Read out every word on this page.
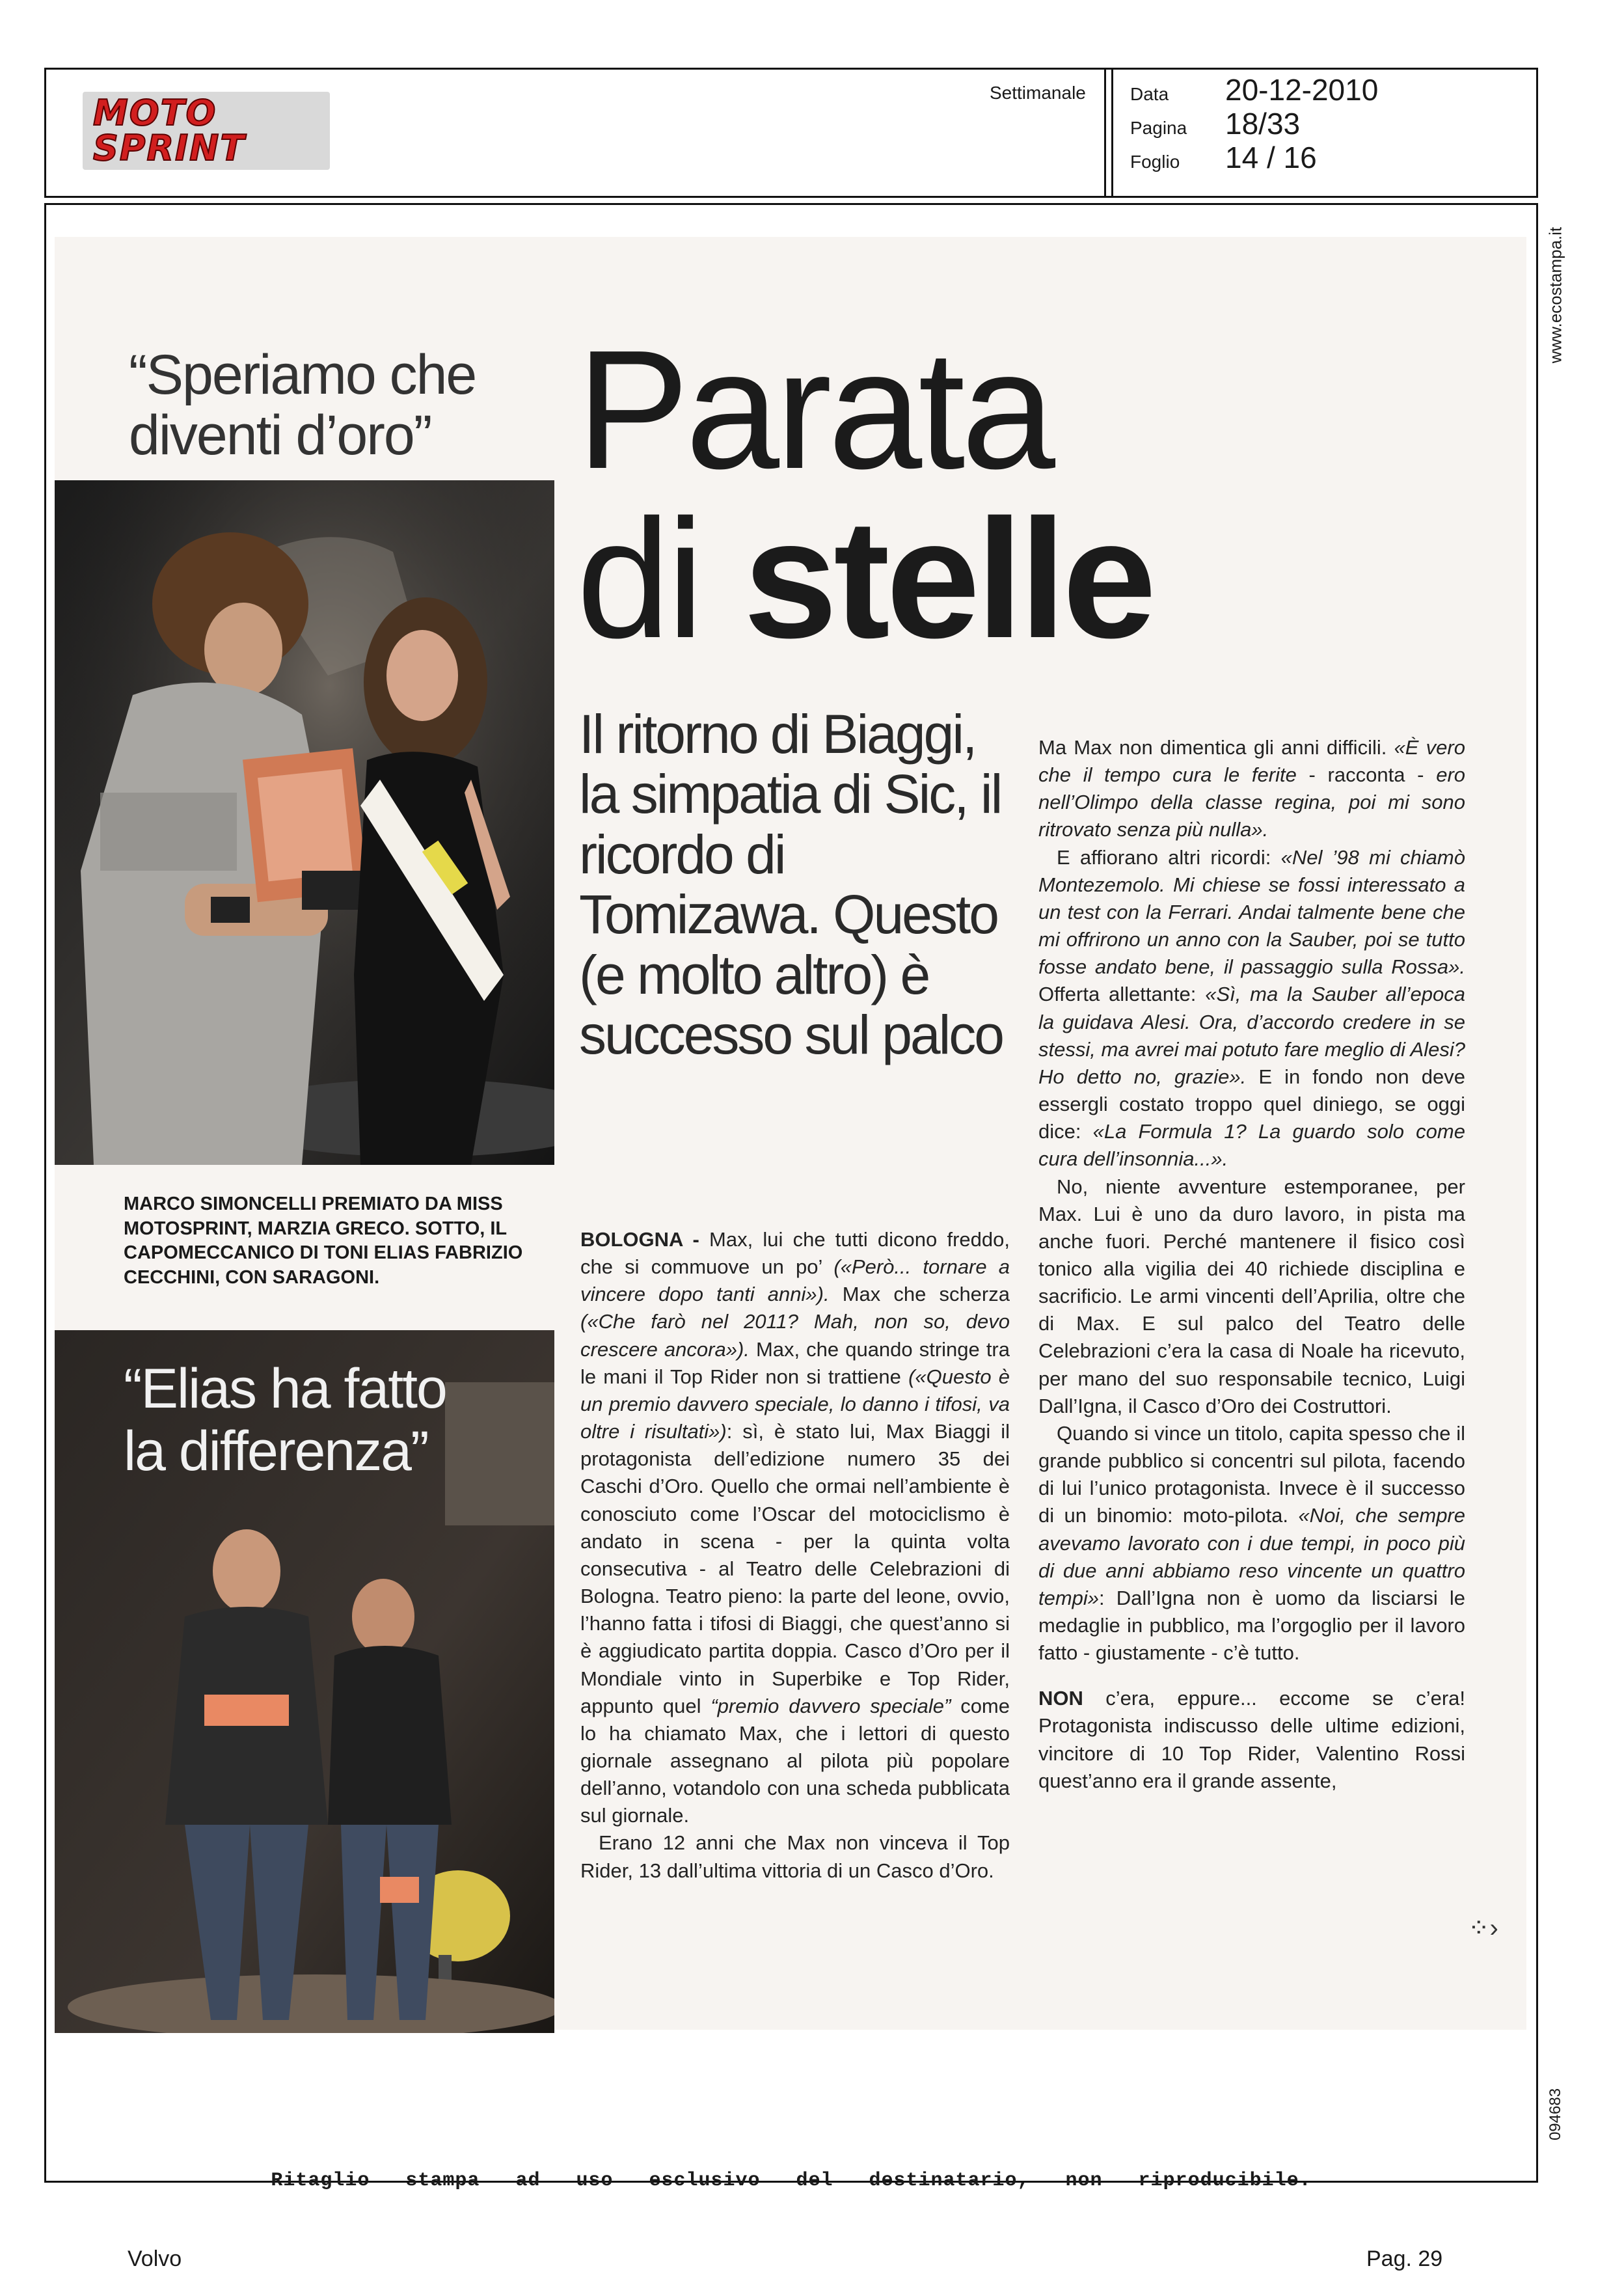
MOTO
SPRINT
Settimanale Data 20-12-2010
Pagina 18/33
Foglio 14 / 16
www.ecostampa.it
094683
“Speriamo che
diventi d’oro”
MARCO SIMONCELLI PREMIATO DA MISS MOTOSPRINT, MARZIA GRECO. SOTTO, IL CAPOMECCANICO DI TONI ELIAS FABRIZIO CECCHINI, CON SARAGONI.
“Elias ha fatto
la differenza”
Parata
di stelle
Il ritorno di Biaggi, la simpatia di Sic, il ricordo di Tomizawa. Questo (e molto altro) è successo sul palco

BOLOGNA - Max, lui che tutti dicono freddo, che si commuove un po’ («Però... tornare a vincere dopo tanti anni»). Max che scherza («Che farò nel 2011? Mah, non so, devo crescere ancora»). Max, che quando stringe tra le mani il Top Rider non si trattiene («Questo è un premio davvero speciale, lo danno i tifosi, va oltre i risultati»): sì, è stato lui, Max Biaggi il protagonista dell’edizione numero 35 dei Caschi d’Oro. Quello che ormai nell’ambiente è conosciuto come l’Oscar del motociclismo è andato in scena - per la quinta volta consecutiva - al Teatro delle Celebrazioni di Bologna. Teatro pieno: la parte del leone, ovvio, l’hanno fatta i tifosi di Biaggi, che quest’anno si è aggiudicato partita doppia. Casco d’Oro per il Mondiale vinto in Superbike e Top Rider, appunto quel “premio davvero speciale” come lo ha chiamato Max, che i lettori di questo giornale assegnano al pilota più popolare dell’anno, votandolo con una scheda pubblicata sul giornale.

Erano 12 anni che Max non vinceva il Top Rider, 13 dall’ultima vittoria di un Casco d’Oro.

Ma Max non dimentica gli anni difficili. «È vero che il tempo cura le ferite - racconta - ero nell’Olimpo della classe regina, poi mi sono ritrovato senza più nulla».

E affiorano altri ricordi: «Nel ’98 mi chiamò Montezemolo. Mi chiese se fossi interessato a un test con la Ferrari. Andai talmente bene che mi offrirono un anno con la Sauber, poi se tutto fosse andato bene, il passaggio sulla Rossa». Offerta allettante: «Sì, ma la Sauber all’epoca la guidava Alesi. Ora, d’accordo credere in se stessi, ma avrei mai potuto fare meglio di Alesi? Ho detto no, grazie». E in fondo non deve essergli costato troppo quel diniego, se oggi dice: «La Formula 1? La guardo solo come cura dell’insonnia...».

No, niente avventure estemporanee, per Max. Lui è uno da duro lavoro, in pista ma anche fuori. Perché mantenere il fisico così tonico alla vigilia dei 40 richiede disciplina e sacrificio. Le armi vincenti dell’Aprilia, oltre che di Max. E sul palco del Teatro delle Celebrazioni c’era la casa di Noale ha ricevuto, per mano del suo responsabile tecnico, Luigi Dall’Igna, il Casco d’Oro dei Costruttori.

Quando si vince un titolo, capita spesso che il grande pubblico si concentri sul pilota, facendo di lui l’unico protagonista. Invece è il successo di un binomio: moto-pilota. «Noi, che sempre avevamo lavorato con i due tempi, in poco più di due anni abbiamo reso vincente un quattro tempi»: Dall’Igna non è uomo da lisciarsi le medaglie in pubblico, ma l’orgoglio per il lavoro fatto - giustamente - c’è tutto.

NON c’era, eppure... eccome se c’era! Protagonista indiscusso delle ultime edizioni, vincitore di 10 Top Rider, Valentino Rossi quest’anno era il grande assente,

⁘›
Ritaglio stampa ad uso esclusivo del destinatario, non riproducibile.
Volvo	Pag. 29
